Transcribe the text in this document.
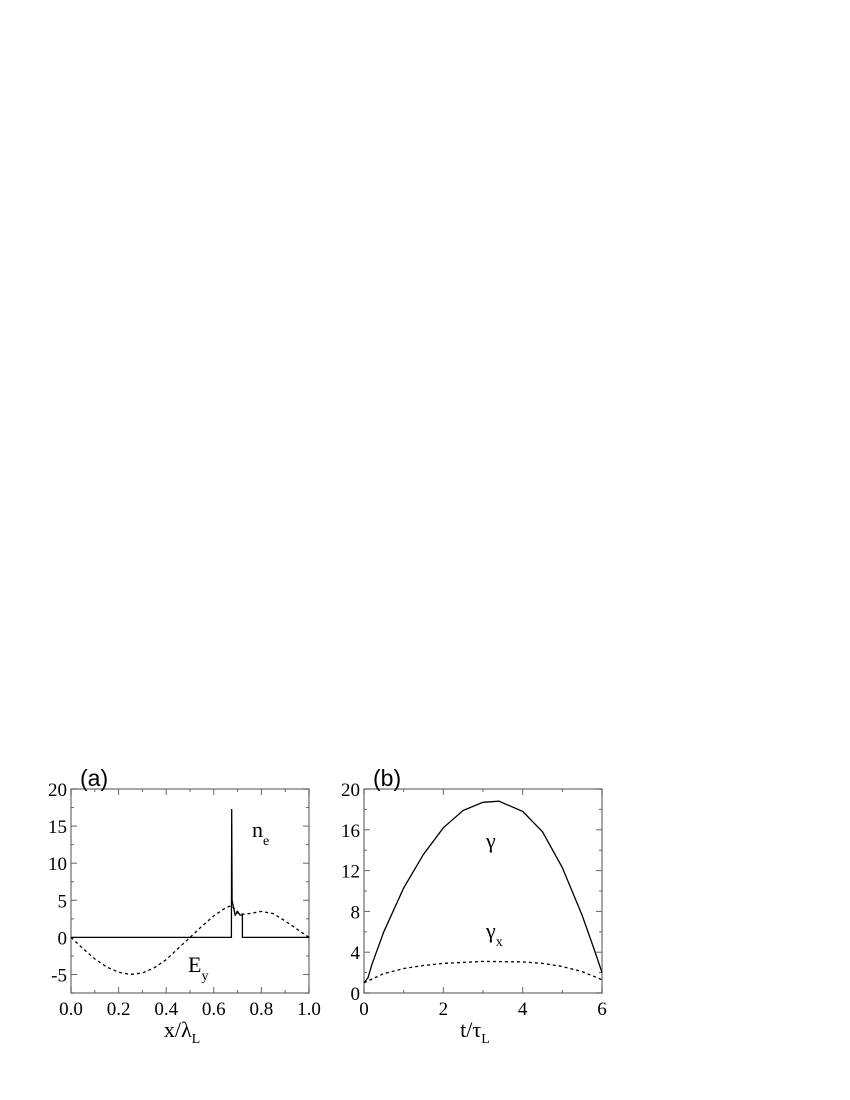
0.0 0.2 0.4 0.6 0.8 1.0
-5
0
5
10
15
20
$x/\lambda_L$
(a)
$n_e$
$E_y$
0	2	4	6
0
4
8
12
16
20
$t/\tau_L$
(b)
γ
$\gamma_x$
